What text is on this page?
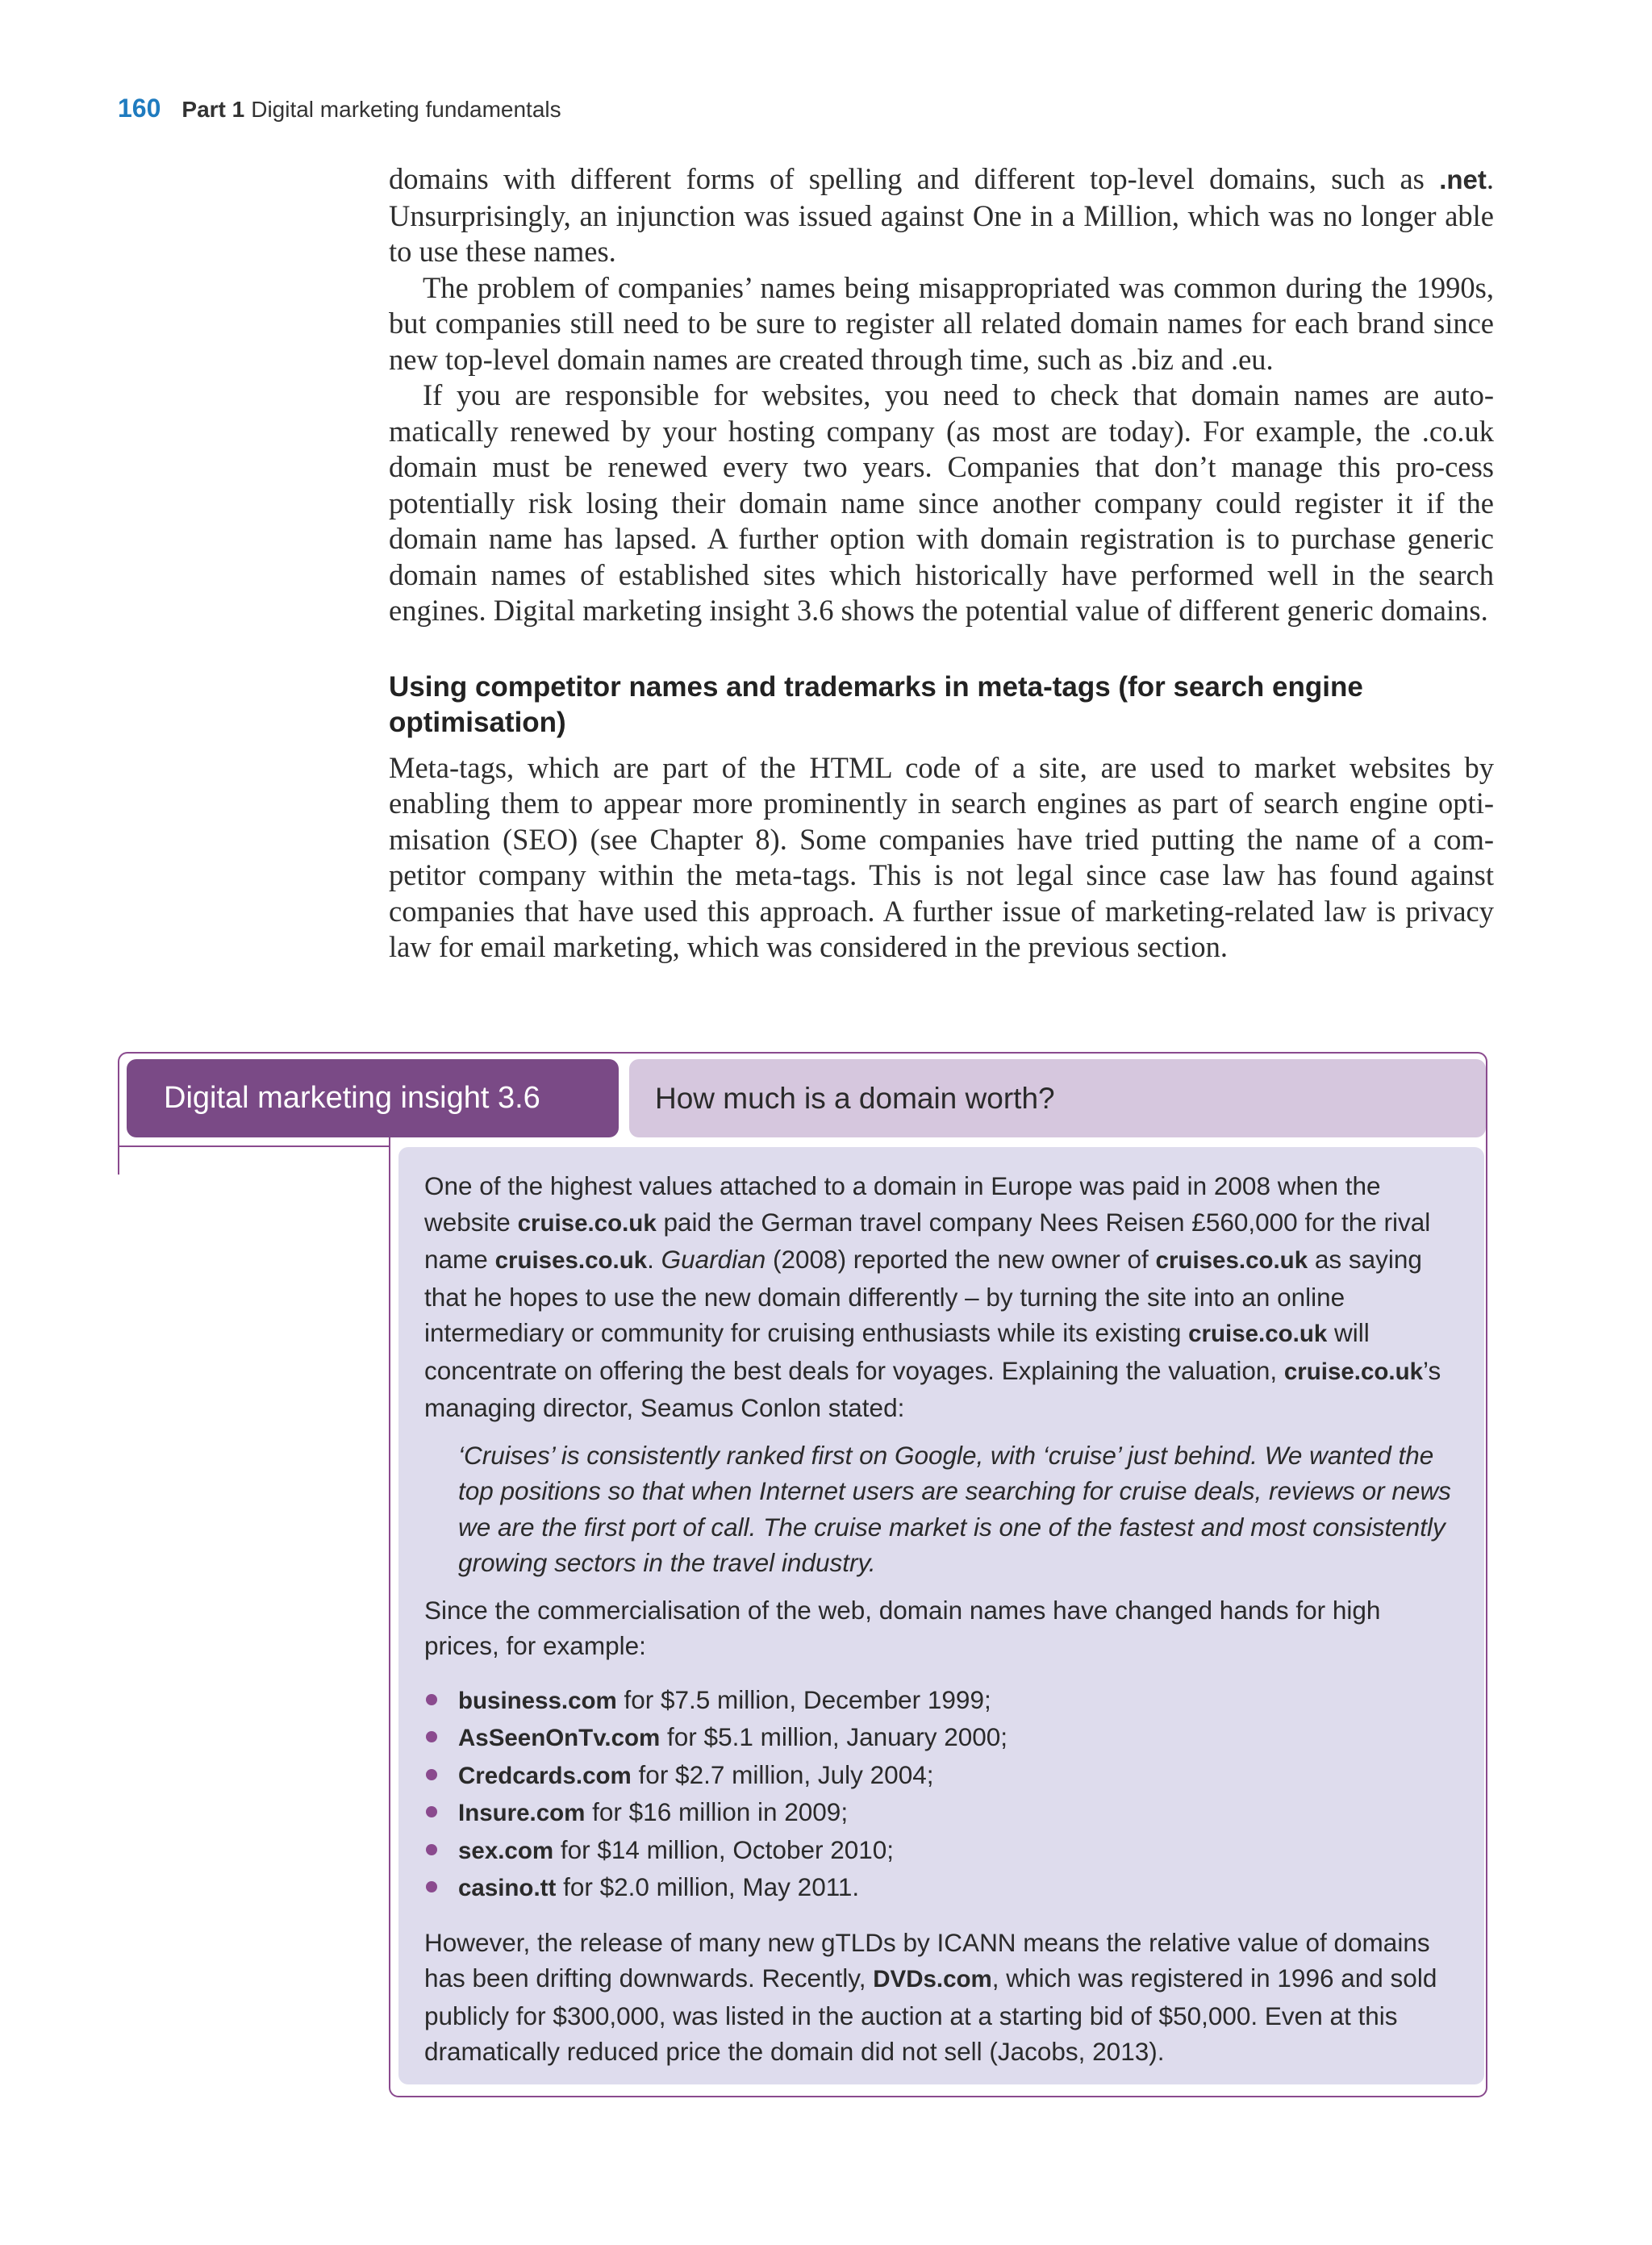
160 Part 1 Digital marketing fundamentals

domains with different forms of spelling and different top-level domains, such as .net. Unsurprisingly, an injunction was issued against One in a Million, which was no longer able to use these names.

The problem of companies’ names being misappropriated was common during the 1990s, but companies still need to be sure to register all related domain names for each brand since new top-level domain names are created through time, such as .biz and .eu.

If you are responsible for websites, you need to check that domain names are auto-matically renewed by your hosting company (as most are today). For example, the .co.uk domain must be renewed every two years. Companies that don’t manage this pro-cess potentially risk losing their domain name since another company could register it if the domain name has lapsed. A further option with domain registration is to purchase generic domain names of established sites which historically have performed well in the search engines. Digital marketing insight 3.6 shows the potential value of different generic domains.

Using competitor names and trademarks in meta-tags (for search engine optimisation)

Meta-tags, which are part of the HTML code of a site, are used to market websites by enabling them to appear more prominently in search engines as part of search engine opti-misation (SEO) (see Chapter 8). Some companies have tried putting the name of a com-petitor company within the meta-tags. This is not legal since case law has found against companies that have used this approach. A further issue of marketing-related law is privacy law for email marketing, which was considered in the previous section.

Digital marketing insight 3.6	How much is a domain worth?

One of the highest values attached to a domain in Europe was paid in 2008 when the website cruise.co.uk paid the German travel company Nees Reisen £560,000 for the rival name cruises.co.uk. Guardian (2008) reported the new owner of cruises.co.uk as saying that he hopes to use the new domain differently – by turning the site into an online intermediary or community for cruising enthusiasts while its existing cruise.co.uk will concentrate on offering the best deals for voyages. Explaining the valuation, cruise.co.uk’s managing director, Seamus Conlon stated:

‘Cruises’ is consistently ranked first on Google, with ‘cruise’ just behind. We wanted the top positions so that when Internet users are searching for cruise deals, reviews or news we are the first port of call. The cruise market is one of the fastest and most consistently growing sectors in the travel industry.

Since the commercialisation of the web, domain names have changed hands for high prices, for example:

business.com for $7.5 million, December 1999;
AsSeenOnTv.com for $5.1 million, January 2000;
Credcards.com for $2.7 million, July 2004;
Insure.com for $16 million in 2009;
sex.com for $14 million, October 2010;
casino.tt for $2.0 million, May 2011.

However, the release of many new gTLDs by ICANN means the relative value of domains has been drifting downwards. Recently, DVDs.com, which was registered in 1996 and sold publicly for $300,000, was listed in the auction at a starting bid of $50,000. Even at this dramatically reduced price the domain did not sell (Jacobs, 2013).
